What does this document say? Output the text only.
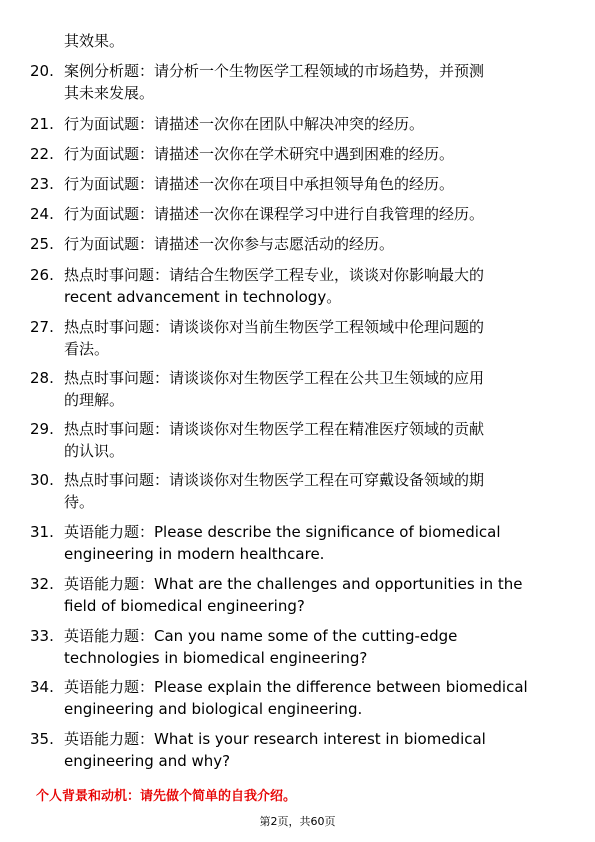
其效果。
20. 案例分析题：请分析一个生物医学工程领域的市场趋势，并预测
其未来发展。
21. 行为面试题：请描述一次你在团队中解决冲突的经历。
22. 行为面试题：请描述一次你在学术研究中遇到困难的经历。
23. 行为面试题：请描述一次你在项目中承担领导角色的经历。
24. 行为面试题：请描述一次你在课程学习中进行自我管理的经历。
25. 行为面试题：请描述一次你参与志愿活动的经历。
26. 热点时事问题：请结合生物医学工程专业，谈谈对你影响最大的
recent advancement in technology。
27. 热点时事问题：请谈谈你对当前生物医学工程领域中伦理问题的
看法。
28. 热点时事问题：请谈谈你对生物医学工程在公共卫生领域的应用
的理解。
29. 热点时事问题：请谈谈你对生物医学工程在精准医疗领域的贡献
的认识。
30. 热点时事问题：请谈谈你对生物医学工程在可穿戴设备领域的期
待。
31. 英语能力题：Please describe the significance of biomedical
engineering in modern healthcare.
32. 英语能力题：What are the challenges and opportunities in the
field of biomedical engineering?
33. 英语能力题：Can you name some of the cutting-edge
technologies in biomedical engineering?
34. 英语能力题：Please explain the difference between biomedical
engineering and biological engineering.
35. 英语能力题：What is your research interest in biomedical
engineering and why?
个人背景和动机：请先做个简单的自我介绍。
第2页，共60页
